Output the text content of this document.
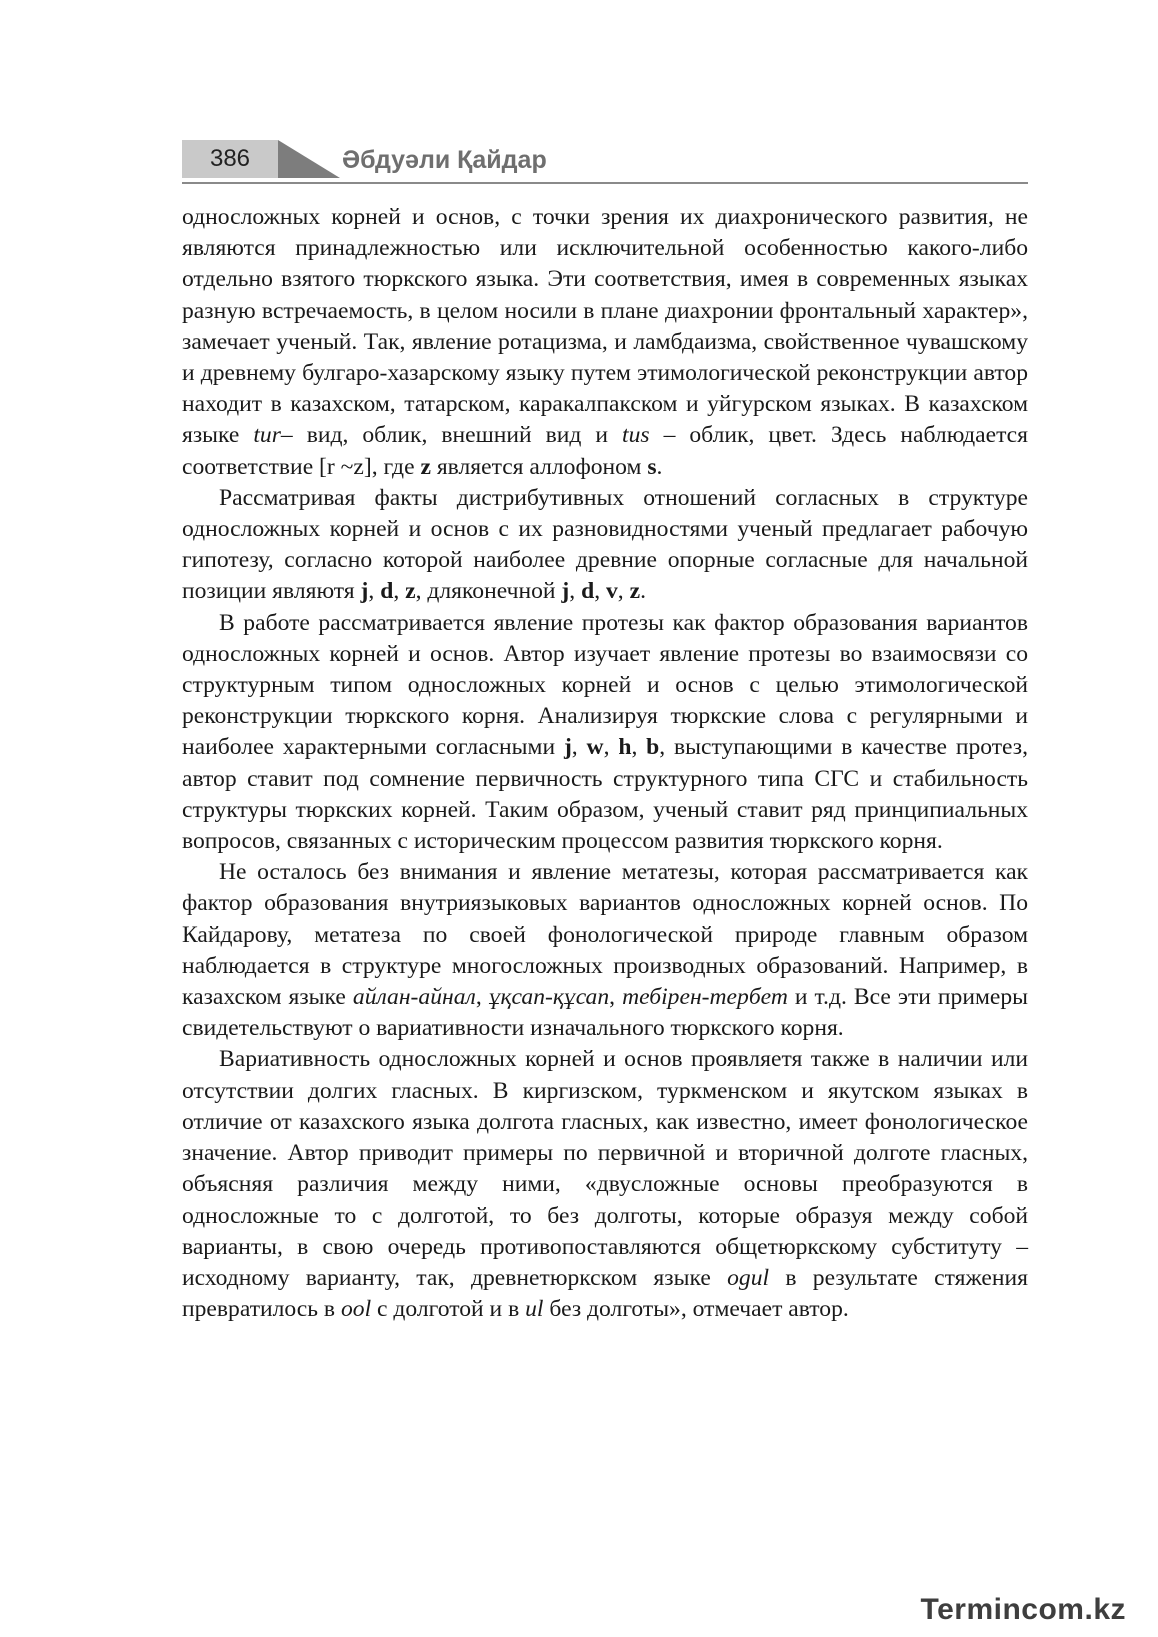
386	Әбдуәли Қайдар

односложных корней и основ, с точки зрения их диахронического развития, не являются принадлежностью или исключительной особенностью какого-либо отдельно взятого тюркского языка. Эти соответствия, имея в современных языках разную встречаемость, в целом носили в плане диахронии фронтальный характер», замечает ученый. Так, явление ротацизма, и ламбдаизма, свойственное чувашскому и древнему булгаро-хазарскому языку путем этимологической реконструкции автор находит в казахском, татарском, каракалпакском и уйгурском языках. В казахском языке tur– вид, облик, внешний вид и tus – облик, цвет. Здесь наблюдается соответствие [r ~z], где z является аллофоном s.

Рассматривая факты дистрибутивных отношений согласных в структуре односложных корней и основ с их разновидностями ученый предлагает рабочую гипотезу, согласно которой наиболее древние опорные согласные для начальной позиции являютя j, d, z, дляконечной j, d, v, z.

В работе рассматривается явление протезы как фактор образования вариантов односложных корней и основ. Автор изучает явление протезы во взаимосвязи со структурным типом односложных корней и основ с целью этимологической реконструкции тюркского корня. Анализируя тюркские слова с регулярными и наиболее характерными согласными j, w, h, b, выступающими в качестве протез, автор ставит под сомнение первичность структурного типа СГС и стабильность структуры тюркских корней. Таким образом, ученый ставит ряд принципиальных вопросов, связанных с историческим процессом развития тюркского корня.

Не осталось без внимания и явление метатезы, которая рассматривается как фактор образования внутриязыковых вариантов односложных корней основ. По Кайдарову, метатеза по своей фонологической природе главным образом наблюдается в структуре многосложных производных образований. Например, в казахском языке айлан-айнал, ұқсап-құсап, тебірен-тербет и т.д. Все эти примеры свидетельствуют о вариативности изначального тюркского корня.

Вариативность односложных корней и основ проявляетя также в наличии или отсутствии долгих гласных. В киргизском, туркменском и якутском языках в отличие от казахского языка долгота гласных, как известно, имеет фонологическое значение. Автор приводит примеры по первичной и вторичной долготе гласных, объясняя различия между ними, «двусложные основы преобразуются в односложные то с долготой, то без долготы, которые образуя между собой варианты, в свою очередь противопоставляются общетюркскому субституту – исходному варианту, так, древнетюркском языке ogul в результате стяжения превратилось в ool с долготой и в ul без долготы», отмечает автор.

Termincom.kz
